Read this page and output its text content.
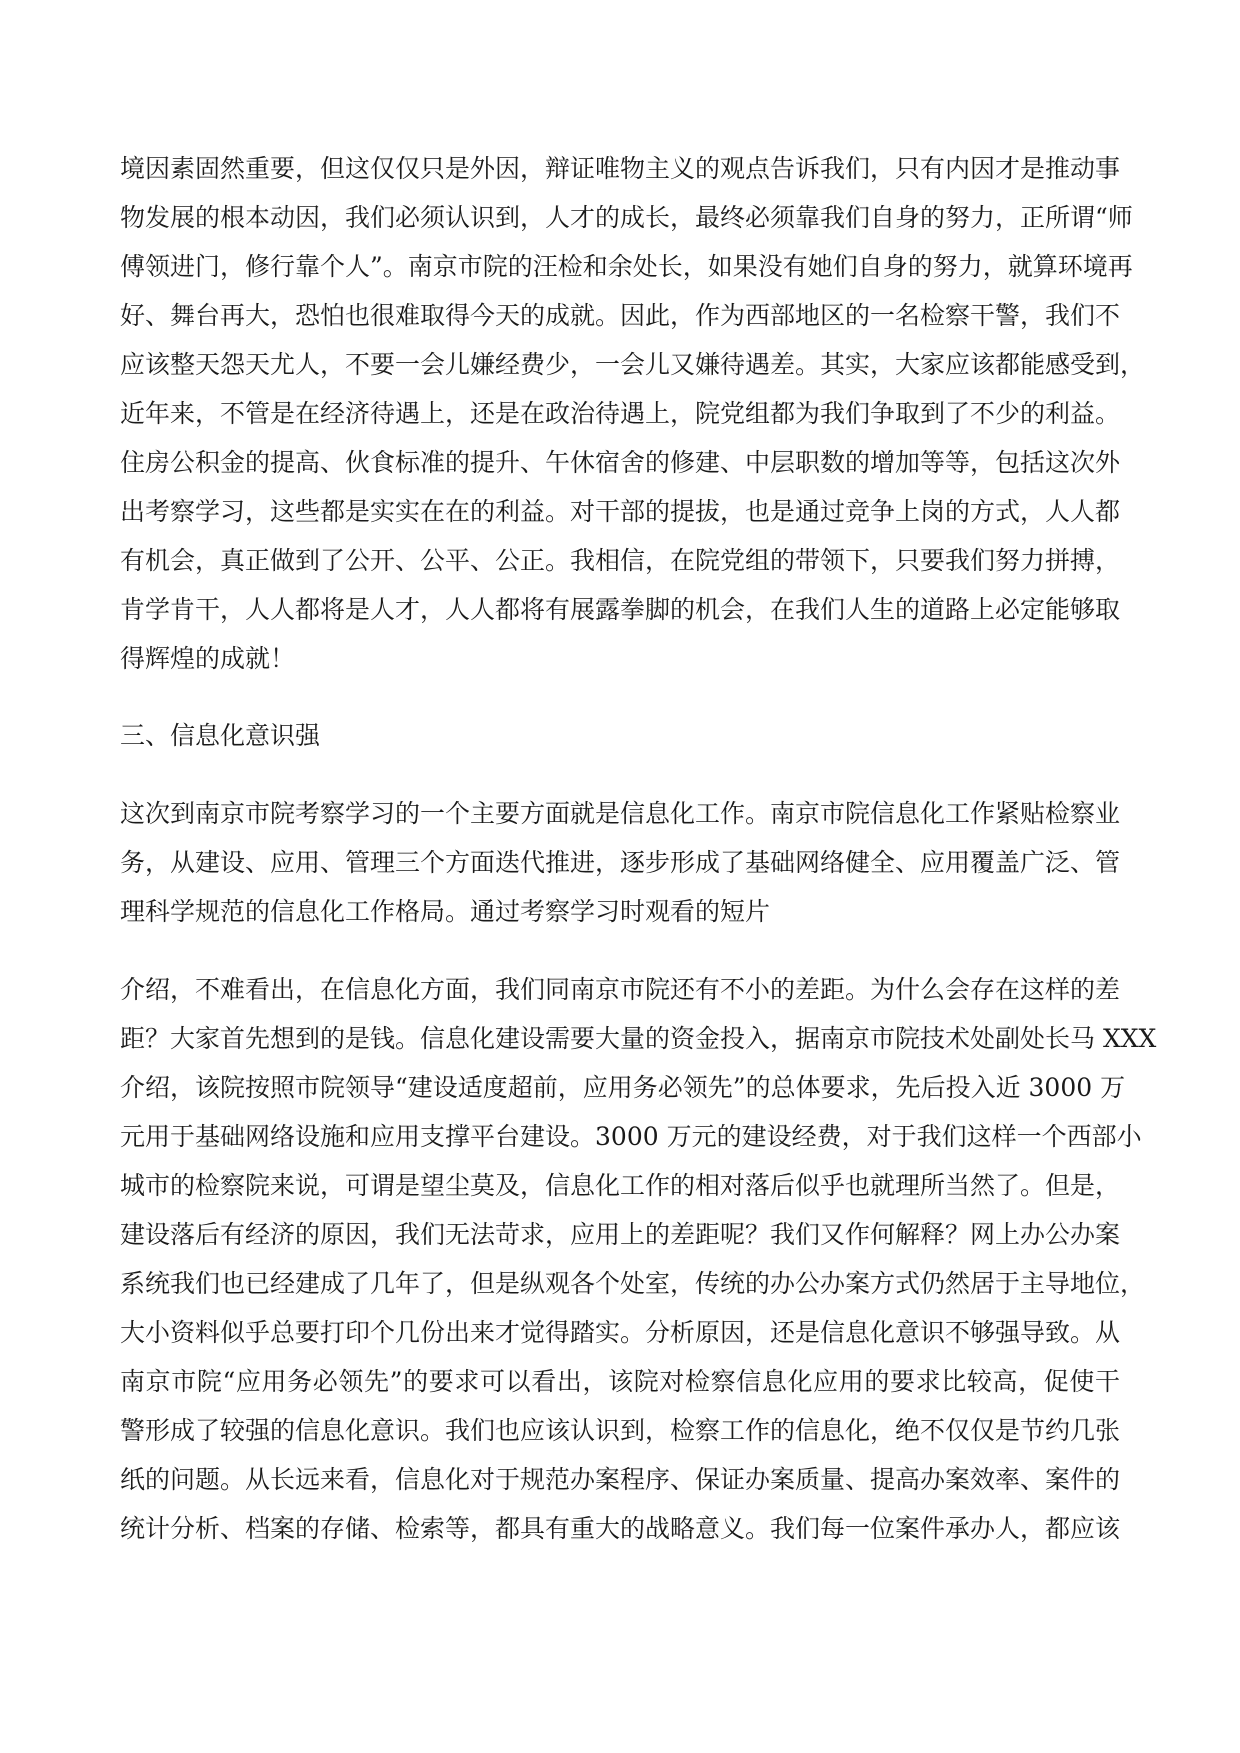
境因素固然重要，但这仅仅只是外因，辩证唯物主义的观点告诉我们，只有内因才是推动事

物发展的根本动因，我们必须认识到，人才的成长，最终必须靠我们自身的努力，正所谓“师

傅领进门，修行靠个人”。南京市院的汪检和余处长，如果没有她们自身的努力，就算环境再

好、舞台再大，恐怕也很难取得今天的成就。因此，作为西部地区的一名检察干警，我们不

应该整天怨天尤人，不要一会儿嫌经费少，一会儿又嫌待遇差。其实，大家应该都能感受到，

近年来，不管是在经济待遇上，还是在政治待遇上，院党组都为我们争取到了不少的利益。

住房公积金的提高、伙食标准的提升、午休宿舍的修建、中层职数的增加等等，包括这次外

出考察学习，这些都是实实在在的利益。对干部的提拔，也是通过竞争上岗的方式，人人都

有机会，真正做到了公开、公平、公正。我相信，在院党组的带领下，只要我们努力拼搏，

肯学肯干，人人都将是人才，人人都将有展露拳脚的机会，在我们人生的道路上必定能够取

得辉煌的成就！

三、信息化意识强

这次到南京市院考察学习的一个主要方面就是信息化工作。南京市院信息化工作紧贴检察业

务，从建设、应用、管理三个方面迭代推进，逐步形成了基础网络健全、应用覆盖广泛、管

理科学规范的信息化工作格局。通过考察学习时观看的短片

介绍，不难看出，在信息化方面，我们同南京市院还有不小的差距。为什么会存在这样的差

距？大家首先想到的是钱。信息化建设需要大量的资金投入，据南京市院技术处副处长马 XXX

介绍，该院按照市院领导“建设适度超前，应用务必领先”的总体要求，先后投入近 3000 万

元用于基础网络设施和应用支撑平台建设。3000 万元的建设经费，对于我们这样一个西部小

城市的检察院来说，可谓是望尘莫及，信息化工作的相对落后似乎也就理所当然了。但是，

建设落后有经济的原因，我们无法苛求，应用上的差距呢？我们又作何解释？网上办公办案

系统我们也已经建成了几年了，但是纵观各个处室，传统的办公办案方式仍然居于主导地位，

大小资料似乎总要打印个几份出来才觉得踏实。分析原因，还是信息化意识不够强导致。从

南京市院“应用务必领先”的要求可以看出，该院对检察信息化应用的要求比较高，促使干

警形成了较强的信息化意识。我们也应该认识到，检察工作的信息化，绝不仅仅是节约几张

纸的问题。从长远来看，信息化对于规范办案程序、保证办案质量、提高办案效率、案件的

统计分析、档案的存储、检索等，都具有重大的战略意义。我们每一位案件承办人，都应该
